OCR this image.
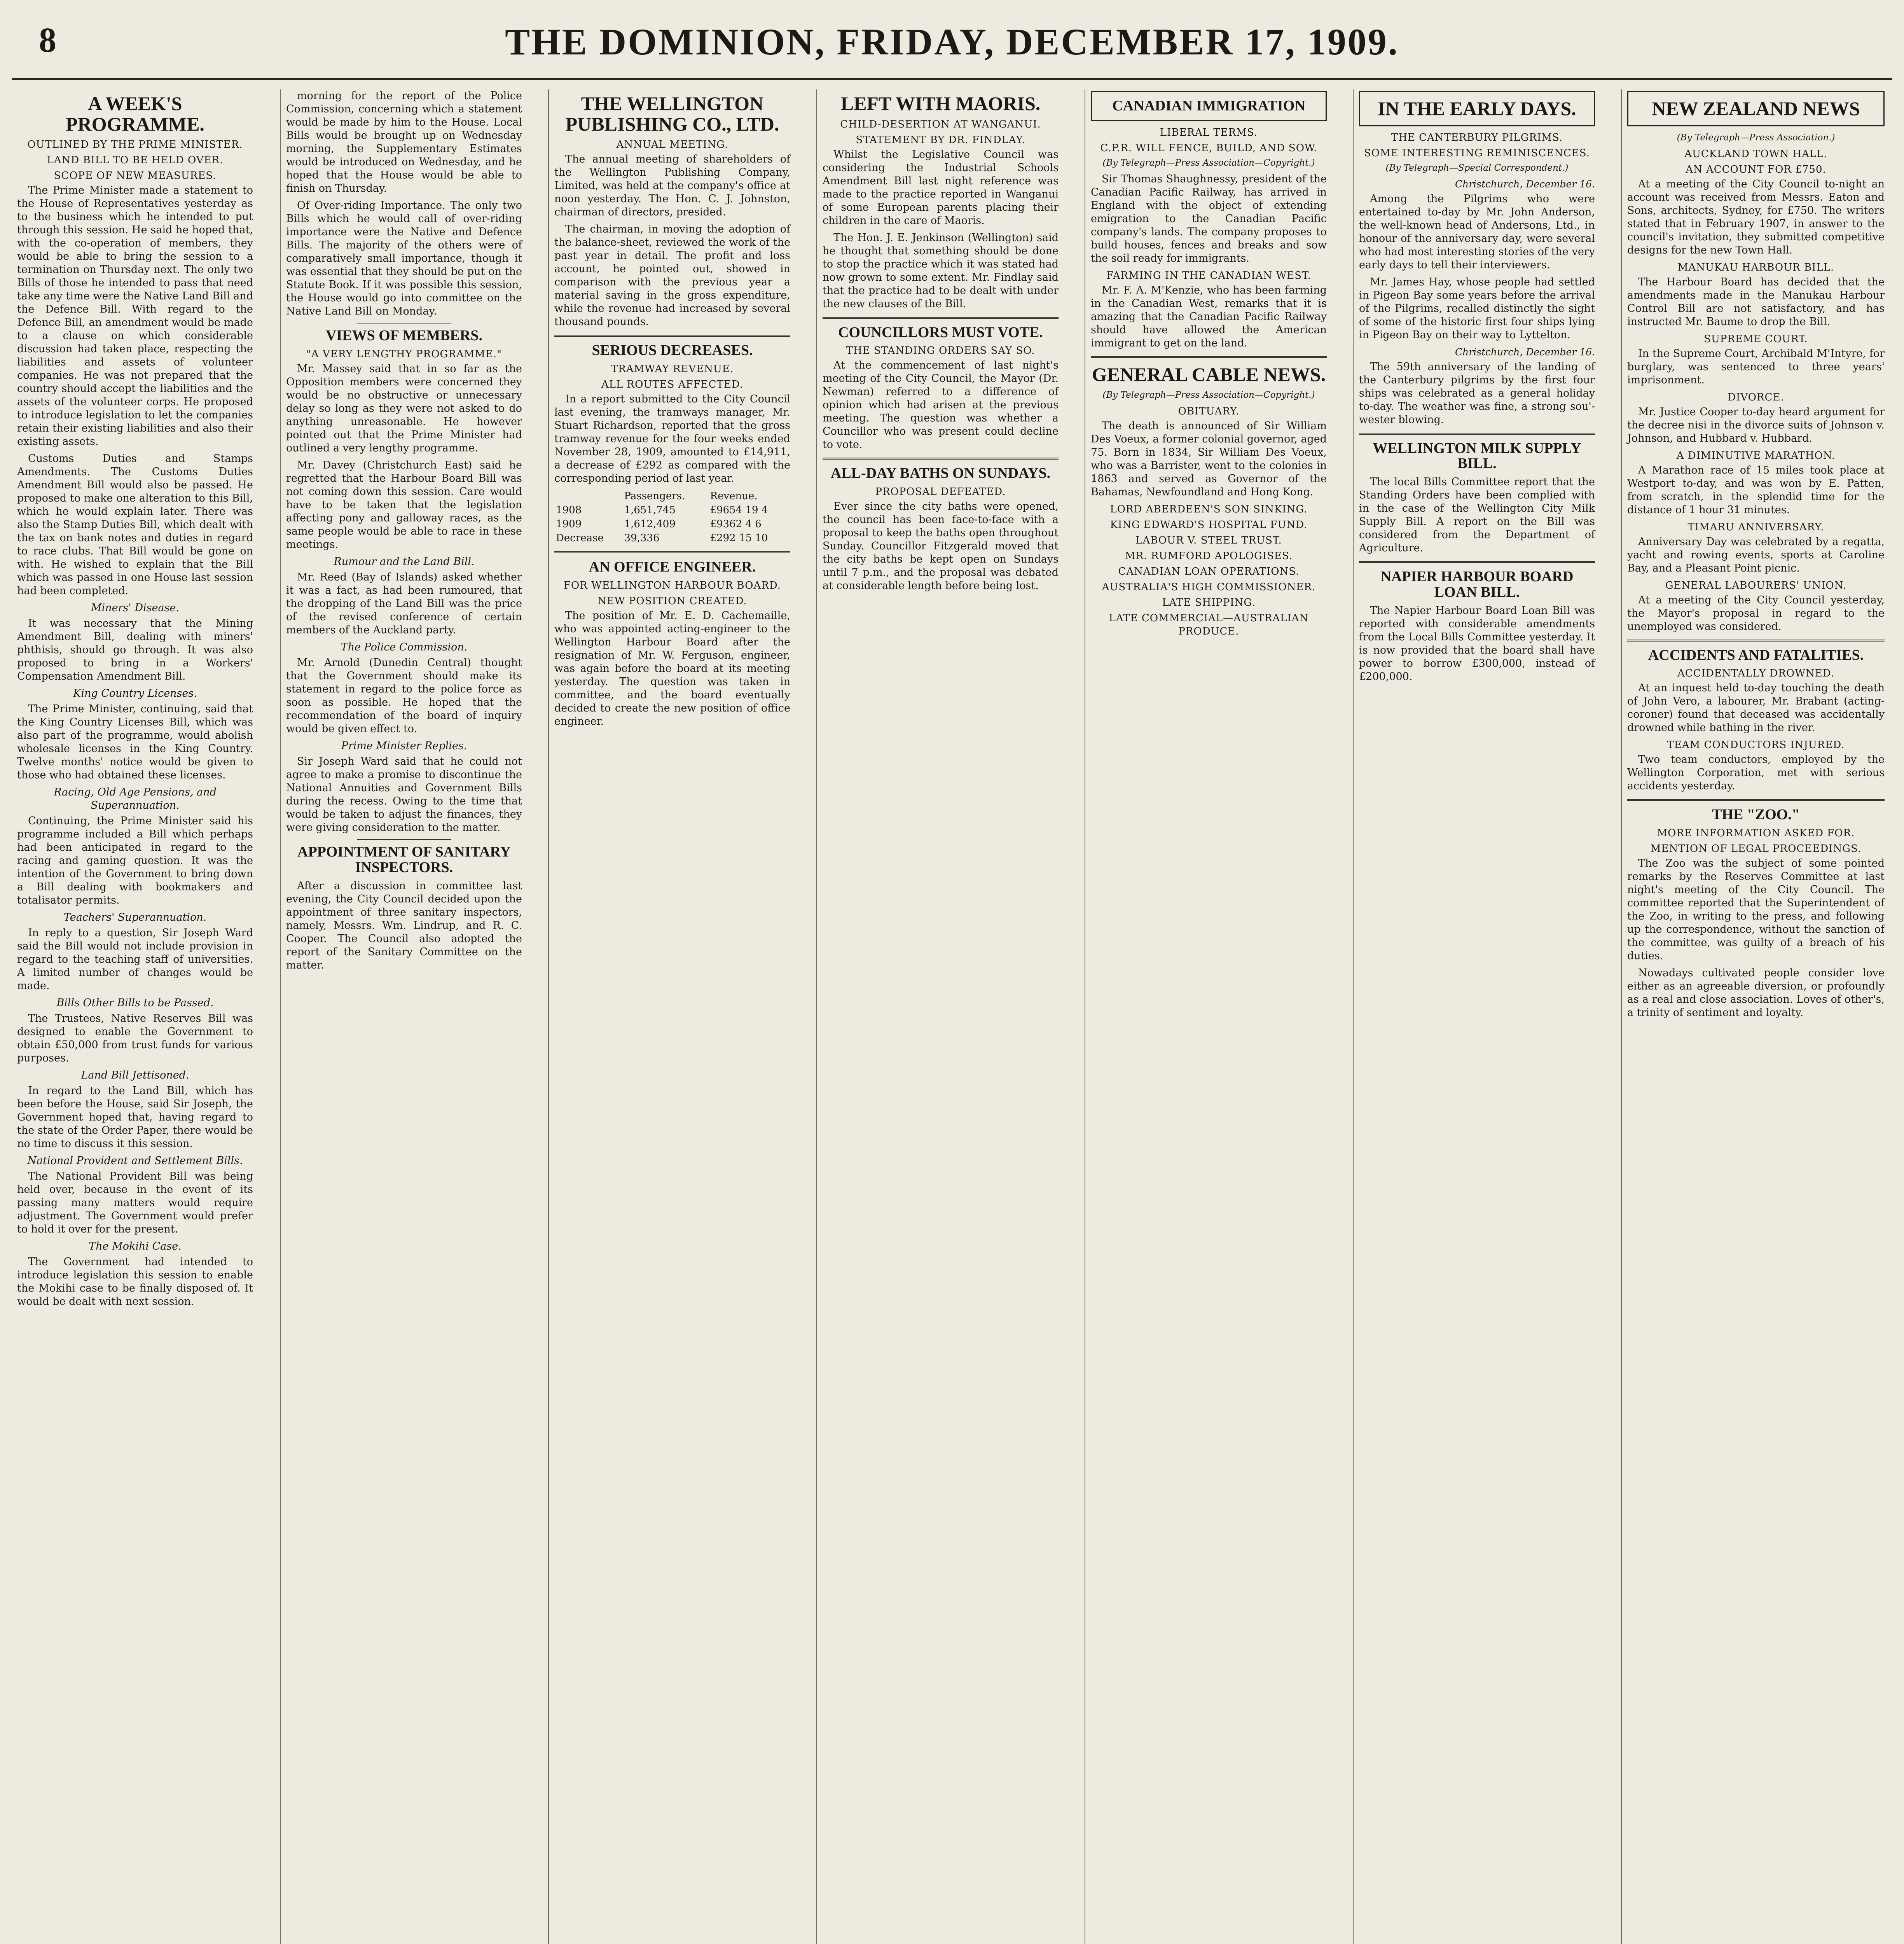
8	THE DOMINION, FRIDAY, DECEMBER 17, 1909.
A WEEK'S PROGRAMME.
OUTLINED BY THE PRIME MINISTER.
LAND BILL TO BE HELD OVER.
SCOPE OF NEW MEASURES.

The Prime Minister made a statement to the House of Representatives yesterday as to the business which he intended to put through this session. He said he hoped that, with the co-operation of members, they would be able to bring the session to a termination on Thursday next. The only two Bills of those he intended to pass that need take any time were the Native Land Bill and the Defence Bill. With regard to the Defence Bill, an amendment would be made to a clause on which considerable discussion had taken place, respecting the liabilities and assets of volunteer companies. He was not prepared that the country should accept the liabilities and the assets of the volunteer corps. He proposed to introduce legislation to let the companies retain their existing liabilities and also their existing assets.

Customs Duties and Stamps Amendments. The Customs Duties Amendment Bill would also be passed. He proposed to make one alteration to this Bill, which he would explain later. There was also the Stamp Duties Bill, which dealt with the tax on bank notes and duties in regard to race clubs. That Bill would be gone on with. He wished to explain that the Bill which was passed in one House last session had been completed.

Miners' Disease.

It was necessary that the Mining Amendment Bill, dealing with miners' phthisis, should go through. It was also proposed to bring in a Workers' Compensation Amendment Bill.

King Country Licenses.

The Prime Minister, continuing, said that the King Country Licenses Bill, which was also part of the programme, would abolish wholesale licenses in the King Country. Twelve months' notice would be given to those who had obtained these licenses.

Racing, Old Age Pensions, and Superannuation.

Continuing, the Prime Minister said his programme included a Bill which perhaps had been anticipated in regard to the racing and gaming question. It was the intention of the Government to bring down a Bill dealing with bookmakers and totalisator permits.

Teachers' Superannuation.

In reply to a question, Sir Joseph Ward said the Bill would not include provision in regard to the teaching staff of universities. A limited number of changes would be made.

Bills Other Bills to be Passed.

The Trustees, Native Reserves Bill was designed to enable the Government to obtain £50,000 from trust funds for various purposes.

Land Bill Jettisoned.

In regard to the Land Bill, which has been before the House, said Sir Joseph, the Government hoped that, having regard to the state of the Order Paper, there would be no time to discuss it this session.

National Provident and Settlement Bills.

The National Provident Bill was being held over, because in the event of its passing many matters would require adjustment. The Government would prefer to hold it over for the present.

The Mokihi Case.

The Government had intended to introduce legislation this session to enable the Mokihi case to be finally disposed of. It would be dealt with next session.

morning for the report of the Police Commission, concerning which a statement would be made by him to the House. Local Bills would be brought up on Wednesday morning, the Supplementary Estimates would be introduced on Wednesday, and he hoped that the House would be able to finish on Thursday.

Of Over-riding Importance. The only two Bills which he would call of over-riding importance were the Native and Defence Bills. The majority of the others were of comparatively small importance, though it was essential that they should be put on the Statute Book. If it was possible this session, the House would go into committee on the Native Land Bill on Monday.

VIEWS OF MEMBERS.
"A VERY LENGTHY PROGRAMME."

Mr. Massey said that in so far as the Opposition members were concerned they would be no obstructive or unnecessary delay so long as they were not asked to do anything unreasonable. He however pointed out that the Prime Minister had outlined a very lengthy programme.

Mr. Davey (Christchurch East) said he regretted that the Harbour Board Bill was not coming down this session. Care would have to be taken that the legislation affecting pony and galloway races, as the same people would be able to race in these meetings.

Rumour and the Land Bill.

Mr. Reed (Bay of Islands) asked whether it was a fact, as had been rumoured, that the dropping of the Land Bill was the price of the revised conference of certain members of the Auckland party.

The Police Commission.

Mr. Arnold (Dunedin Central) thought that the Government should make its statement in regard to the police force as soon as possible. He hoped that the recommendation of the board of inquiry would be given effect to.

Prime Minister Replies.

Sir Joseph Ward said that he could not agree to make a promise to discontinue the National Annuities and Government Bills during the recess. Owing to the time that would be taken to adjust the finances, they were giving consideration to the matter.

APPOINTMENT OF SANITARY INSPECTORS.

After a discussion in committee last evening, the City Council decided upon the appointment of three sanitary inspectors, namely, Messrs. Wm. Lindrup, and R. C. Cooper. The Council also adopted the report of the Sanitary Committee on the matter.

THE WELLINGTON PUBLISHING CO., LTD.
ANNUAL MEETING.

The annual meeting of shareholders of the Wellington Publishing Company, Limited, was held at the company's office at noon yesterday. The Hon. C. J. Johnston, chairman of directors, presided.

The chairman, in moving the adoption of the balance-sheet, reviewed the work of the past year in detail. The profit and loss account, he pointed out, showed in comparison with the previous year a material saving in the gross expenditure, while the revenue had increased by several thousand pounds.

SERIOUS DECREASES.
TRAMWAY REVENUE.
ALL ROUTES AFFECTED.

In a report submitted to the City Council last evening, the tramways manager, Mr. Stuart Richardson, reported that the gross tramway revenue for the four weeks ended November 28, 1909, amounted to £14,911, a decrease of £292 as compared with the corresponding period of last year.

	Passengers.	Revenue.
1908	1,651,745	£9654 19 4
1909	1,612,409	£9362 4 6
Decrease	39,336	£292 15 10
AN OFFICE ENGINEER.
FOR WELLINGTON HARBOUR BOARD.
NEW POSITION CREATED.

The position of Mr. E. D. Cachemaille, who was appointed acting-engineer to the Wellington Harbour Board after the resignation of Mr. W. Ferguson, engineer, was again before the board at its meeting yesterday. The question was taken in committee, and the board eventually decided to create the new position of office engineer.

LEFT WITH MAORIS.
CHILD-DESERTION AT WANGANUI.
STATEMENT BY DR. FINDLAY.

Whilst the Legislative Council was considering the Industrial Schools Amendment Bill last night reference was made to the practice reported in Wanganui of some European parents placing their children in the care of Maoris.

The Hon. J. E. Jenkinson (Wellington) said he thought that something should be done to stop the practice which it was stated had now grown to some extent. Mr. Findlay said that the practice had to be dealt with under the new clauses of the Bill.

COUNCILLORS MUST VOTE.
THE STANDING ORDERS SAY SO.

At the commencement of last night's meeting of the City Council, the Mayor (Dr. Newman) referred to a difference of opinion which had arisen at the previous meeting. The question was whether a Councillor who was present could decline to vote.

ALL-DAY BATHS ON SUNDAYS.
PROPOSAL DEFEATED.

Ever since the city baths were opened, the council has been face-to-face with a proposal to keep the baths open throughout Sunday. Councillor Fitzgerald moved that the city baths be kept open on Sundays until 7 p.m., and the proposal was debated at considerable length before being lost.

CANADIAN IMMIGRATION
LIBERAL TERMS.
C.P.R. WILL FENCE, BUILD, AND SOW.
(By Telegraph—Press Association—Copyright.)

Sir Thomas Shaughnessy, president of the Canadian Pacific Railway, has arrived in England with the object of extending emigration to the Canadian Pacific company's lands. The company proposes to build houses, fences and breaks and sow the soil ready for immigrants.

FARMING IN THE CANADIAN WEST.

Mr. F. A. M'Kenzie, who has been farming in the Canadian West, remarks that it is amazing that the Canadian Pacific Railway should have allowed the American immigrant to get on the land.

GENERAL CABLE NEWS.
(By Telegraph—Press Association—Copyright.)
OBITUARY.

The death is announced of Sir William Des Voeux, a former colonial governor, aged 75. Born in 1834, Sir William Des Voeux, who was a Barrister, went to the colonies in 1863 and served as Governor of the Bahamas, Newfoundland and Hong Kong.

LORD ABERDEEN'S SON SINKING.
KING EDWARD'S HOSPITAL FUND.
LABOUR V. STEEL TRUST.
MR. RUMFORD APOLOGISES.
CANADIAN LOAN OPERATIONS.
AUSTRALIA'S HIGH COMMISSIONER.
LATE SHIPPING.
LATE COMMERCIAL—AUSTRALIAN PRODUCE.
IN THE EARLY DAYS.
THE CANTERBURY PILGRIMS.
SOME INTERESTING REMINISCENCES.
(By Telegraph—Special Correspondent.)
Christchurch, December 16.

Among the Pilgrims who were entertained to-day by Mr. John Anderson, the well-known head of Andersons, Ltd., in honour of the anniversary day, were several who had most interesting stories of the very early days to tell their interviewers.

Mr. James Hay, whose people had settled in Pigeon Bay some years before the arrival of the Pilgrims, recalled distinctly the sight of some of the historic first four ships lying in Pigeon Bay on their way to Lyttelton.

Christchurch, December 16.

The 59th anniversary of the landing of the Canterbury pilgrims by the first four ships was celebrated as a general holiday to-day. The weather was fine, a strong sou'-wester blowing.

WELLINGTON MILK SUPPLY BILL.

The local Bills Committee report that the Standing Orders have been complied with in the case of the Wellington City Milk Supply Bill. A report on the Bill was considered from the Department of Agriculture.

NAPIER HARBOUR BOARD LOAN BILL.

The Napier Harbour Board Loan Bill was reported with considerable amendments from the Local Bills Committee yesterday. It is now provided that the board shall have power to borrow £300,000, instead of £200,000.

NEW ZEALAND NEWS
(By Telegraph—Press Association.)
AUCKLAND TOWN HALL.
AN ACCOUNT FOR £750.

At a meeting of the City Council to-night an account was received from Messrs. Eaton and Sons, architects, Sydney, for £750. The writers stated that in February 1907, in answer to the council's invitation, they submitted competitive designs for the new Town Hall.

MANUKAU HARBOUR BILL.

The Harbour Board has decided that the amendments made in the Manukau Harbour Control Bill are not satisfactory, and has instructed Mr. Baume to drop the Bill.

SUPREME COURT.

In the Supreme Court, Archibald M'Intyre, for burglary, was sentenced to three years' imprisonment.

DIVORCE.

Mr. Justice Cooper to-day heard argument for the decree nisi in the divorce suits of Johnson v. Johnson, and Hubbard v. Hubbard.

A DIMINUTIVE MARATHON.

A Marathon race of 15 miles took place at Westport to-day, and was won by E. Patten, from scratch, in the splendid time for the distance of 1 hour 31 minutes.

TIMARU ANNIVERSARY.

Anniversary Day was celebrated by a regatta, yacht and rowing events, sports at Caroline Bay, and a Pleasant Point picnic.

GENERAL LABOURERS' UNION.

At a meeting of the City Council yesterday, the Mayor's proposal in regard to the unemployed was considered.

ACCIDENTS AND FATALITIES.
ACCIDENTALLY DROWNED.

At an inquest held to-day touching the death of John Vero, a labourer, Mr. Brabant (acting-coroner) found that deceased was accidentally drowned while bathing in the river.

TEAM CONDUCTORS INJURED.

Two team conductors, employed by the Wellington Corporation, met with serious accidents yesterday.

THE "ZOO."
MORE INFORMATION ASKED FOR.
MENTION OF LEGAL PROCEEDINGS.

The Zoo was the subject of some pointed remarks by the Reserves Committee at last night's meeting of the City Council. The committee reported that the Superintendent of the Zoo, in writing to the press, and following up the correspondence, without the sanction of the committee, was guilty of a breach of his duties.

Nowadays cultivated people consider love either as an agreeable diversion, or profoundly as a real and close association. Loves of other's, a trinity of sentiment and loyalty.
